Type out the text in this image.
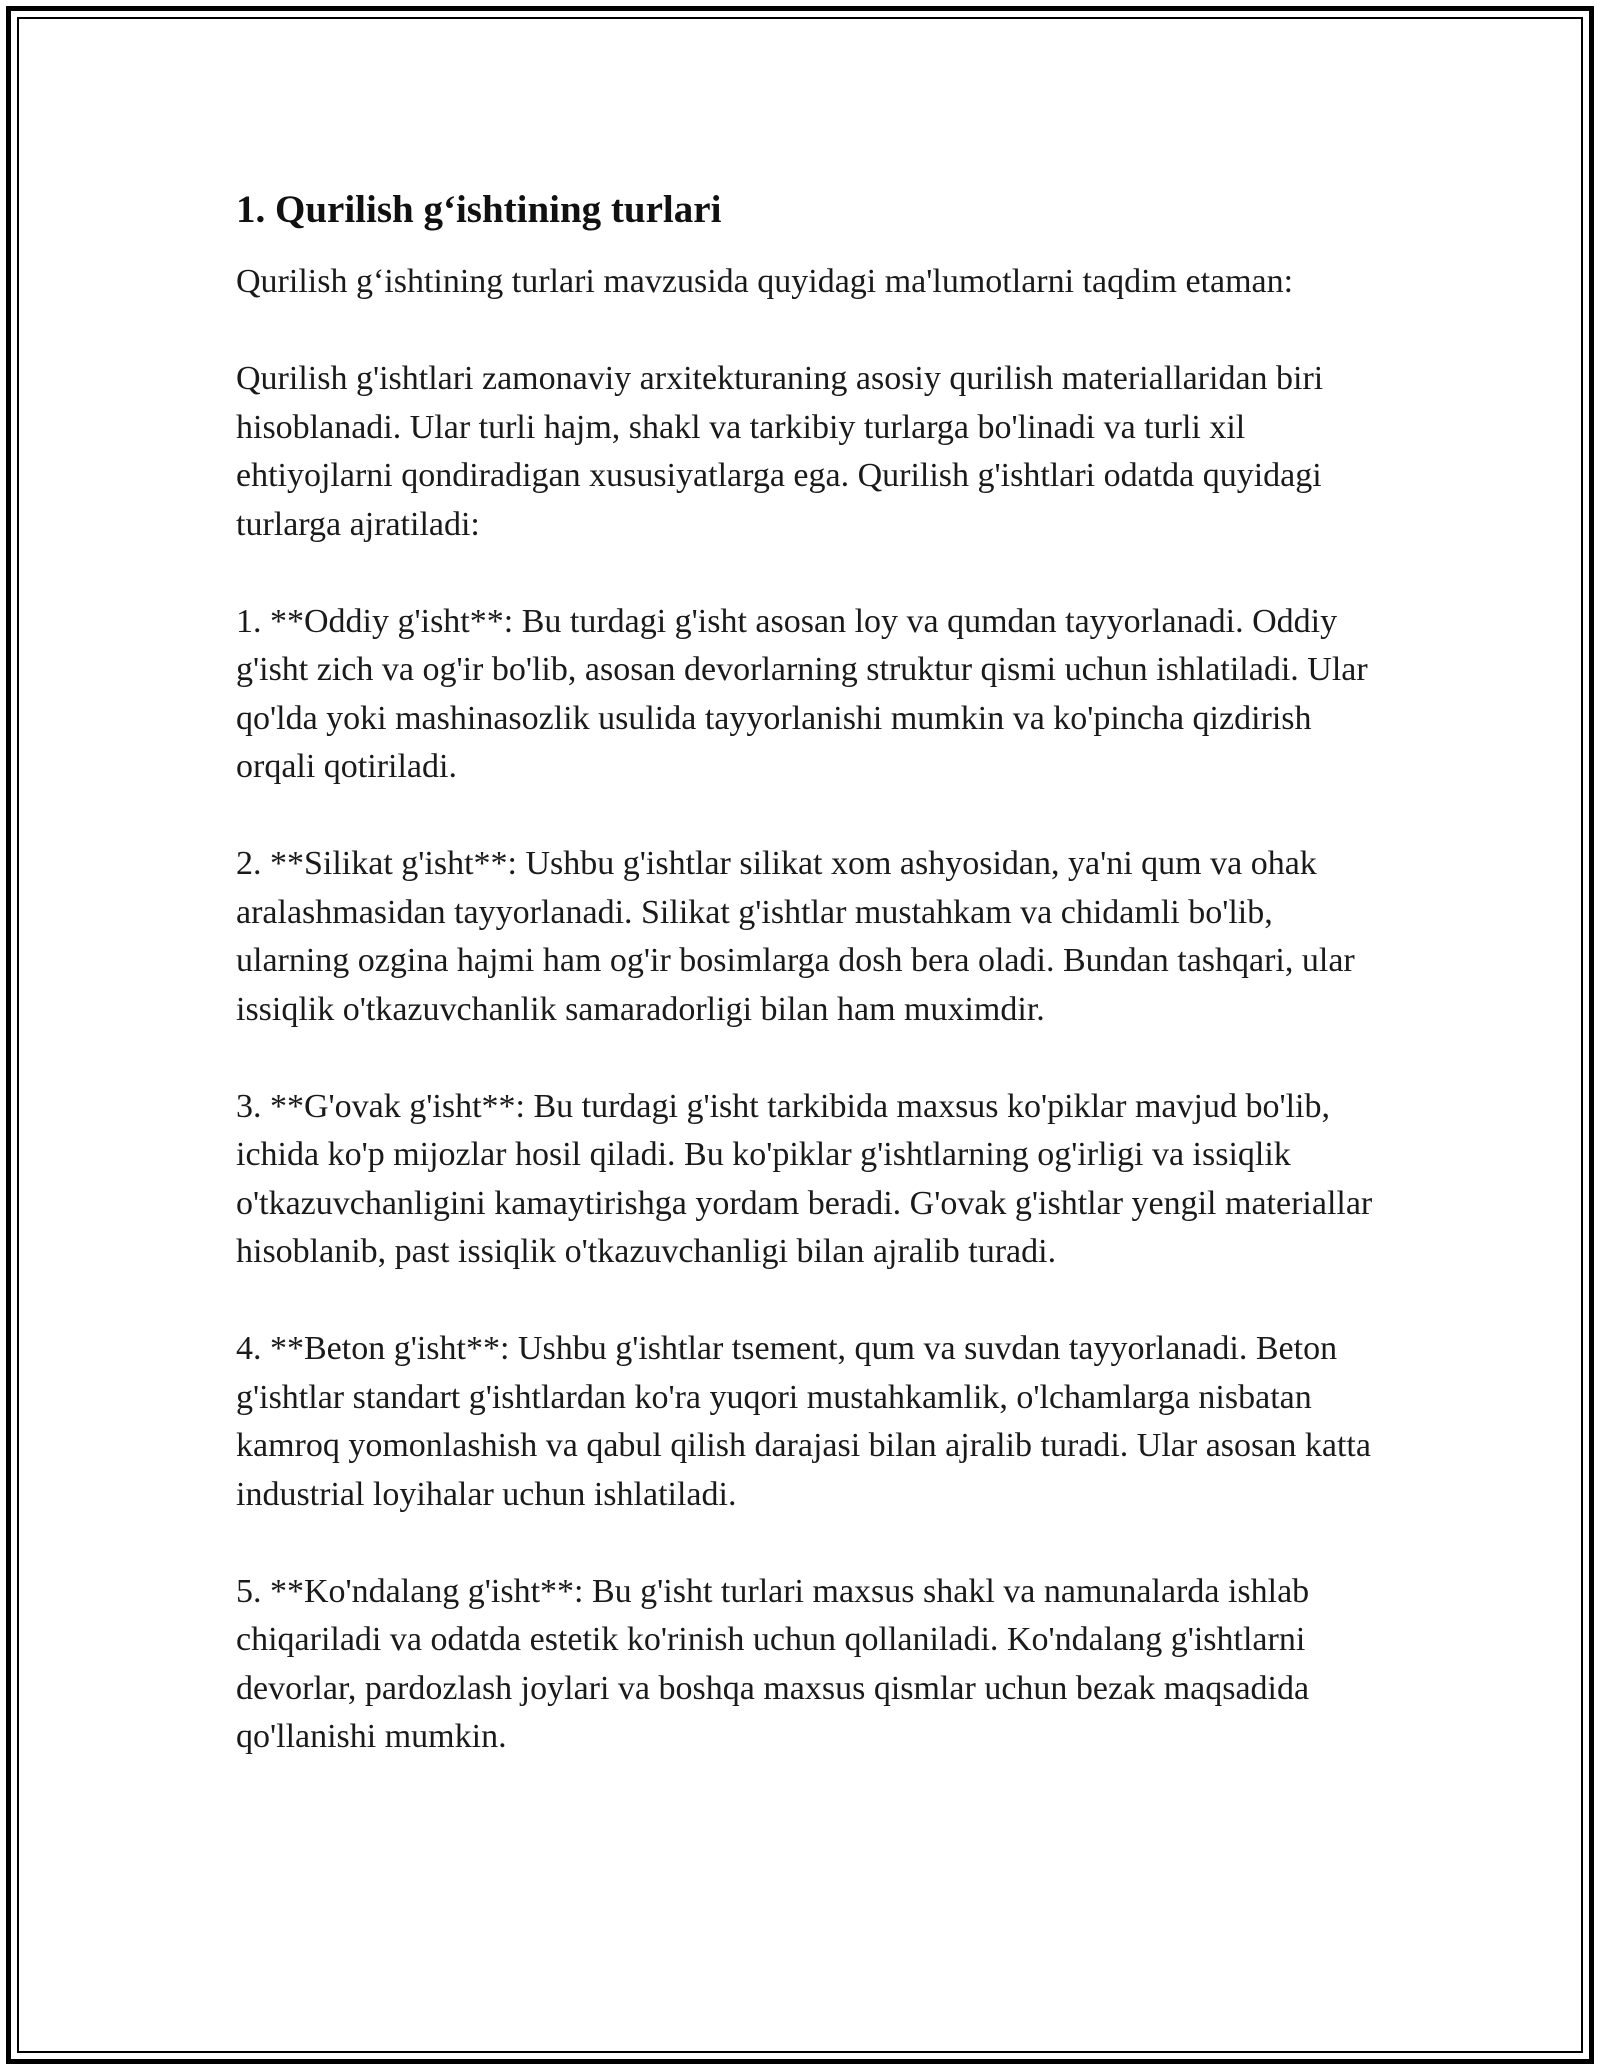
1. Qurilish g‘ishtining turlari

Qurilish g‘ishtining turlari mavzusida quyidagi ma'lumotlarni taqdim etaman:

Qurilish g'ishtlari zamonaviy arxitekturaning asosiy qurilish materiallaridan biri hisoblanadi. Ular turli hajm, shakl va tarkibiy turlarga bo'linadi va turli xil ehtiyojlarni qondiradigan xususiyatlarga ega. Qurilish g'ishtlari odatda quyidagi turlarga ajratiladi:

1. **Oddiy g'isht**: Bu turdagi g'isht asosan loy va qumdan tayyorlanadi. Oddiy g'isht zich va og'ir bo'lib, asosan devorlarning struktur qismi uchun ishlatiladi. Ular qo'lda yoki mashinasozlik usulida tayyorlanishi mumkin va ko'pincha qizdirish orqali qotiriladi.

2. **Silikat g'isht**: Ushbu g'ishtlar silikat xom ashyosidan, ya'ni qum va ohak aralashmasidan tayyorlanadi. Silikat g'ishtlar mustahkam va chidamli bo'lib, ularning ozgina hajmi ham og'ir bosimlarga dosh bera oladi. Bundan tashqari, ular issiqlik o'tkazuvchanlik samaradorligi bilan ham muximdir.

3. **G'ovak g'isht**: Bu turdagi g'isht tarkibida maxsus ko'piklar mavjud bo'lib, ichida ko'p mijozlar hosil qiladi. Bu ko'piklar g'ishtlarning og'irligi va issiqlik o'tkazuvchanligini kamaytirishga yordam beradi. G'ovak g'ishtlar yengil materiallar hisoblanib, past issiqlik o'tkazuvchanligi bilan ajralib turadi.

4. **Beton g'isht**: Ushbu g'ishtlar tsement, qum va suvdan tayyorlanadi. Beton g'ishtlar standart g'ishtlardan ko'ra yuqori mustahkamlik, o'lchamlarga nisbatan kamroq yomonlashish va qabul qilish darajasi bilan ajralib turadi. Ular asosan katta industrial loyihalar uchun ishlatiladi.

5. **Ko'ndalang g'isht**: Bu g'isht turlari maxsus shakl va namunalarda ishlab chiqariladi va odatda estetik ko'rinish uchun qollaniladi. Ko'ndalang g'ishtlarni devorlar, pardozlash joylari va boshqa maxsus qismlar uchun bezak maqsadida qo'llanishi mumkin.
